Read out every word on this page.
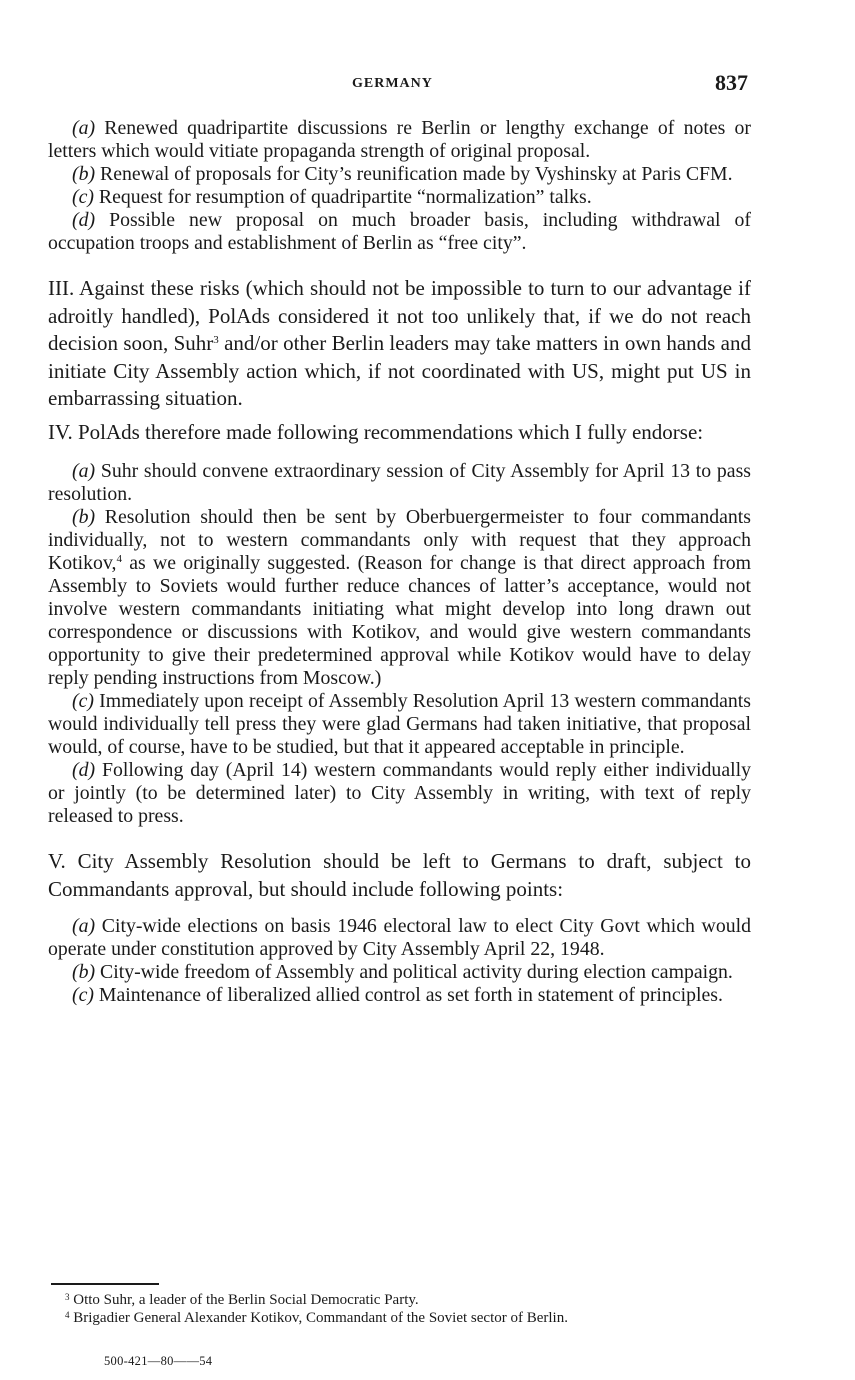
GERMANY	837

(a) Renewed quadripartite discussions re Berlin or lengthy exchange of notes or letters which would vitiate propaganda strength of original proposal.

(b) Renewal of proposals for City’s reunification made by Vyshinsky at Paris CFM.

(c) Request for resumption of quadripartite “normalization” talks.

(d) Possible new proposal on much broader basis, including withdrawal of occupation troops and establishment of Berlin as “free city”.

III. Against these risks (which should not be impossible to turn to our advantage if adroitly handled), PolAds considered it not too unlikely that, if we do not reach decision soon, Suhr$^3$ and/or other Berlin leaders may take matters in own hands and initiate City Assembly action which, if not coordinated with US, might put US in embarrassing situation.

IV. PolAds therefore made following recommendations which I fully endorse:

(a) Suhr should convene extraordinary session of City Assembly for April 13 to pass resolution.

(b) Resolution should then be sent by Oberbuergermeister to four commandants individually, not to western commandants only with request that they approach Kotikov,$^4$ as we originally suggested. (Reason for change is that direct approach from Assembly to Soviets would further reduce chances of latter’s acceptance, would not involve western commandants initiating what might develop into long drawn out correspondence or discussions with Kotikov, and would give western commandants opportunity to give their predetermined approval while Kotikov would have to delay reply pending instructions from Moscow.)

(c) Immediately upon receipt of Assembly Resolution April 13 western commandants would individually tell press they were glad Germans had taken initiative, that proposal would, of course, have to be studied, but that it appeared acceptable in principle.

(d) Following day (April 14) western commandants would reply either individually or jointly (to be determined later) to City Assembly in writing, with text of reply released to press.

V. City Assembly Resolution should be left to Germans to draft, subject to Commandants approval, but should include following points:

(a) City-wide elections on basis 1946 electoral law to elect City Govt which would operate under constitution approved by City Assembly April 22, 1948.

(b) City-wide freedom of Assembly and political activity during election campaign.

(c) Maintenance of liberalized allied control as set forth in statement of principles.

$^3$ Otto Suhr, a leader of the Berlin Social Democratic Party.

$^4$ Brigadier General Alexander Kotikov, Commandant of the Soviet sector of Berlin.

500-421—80——54
